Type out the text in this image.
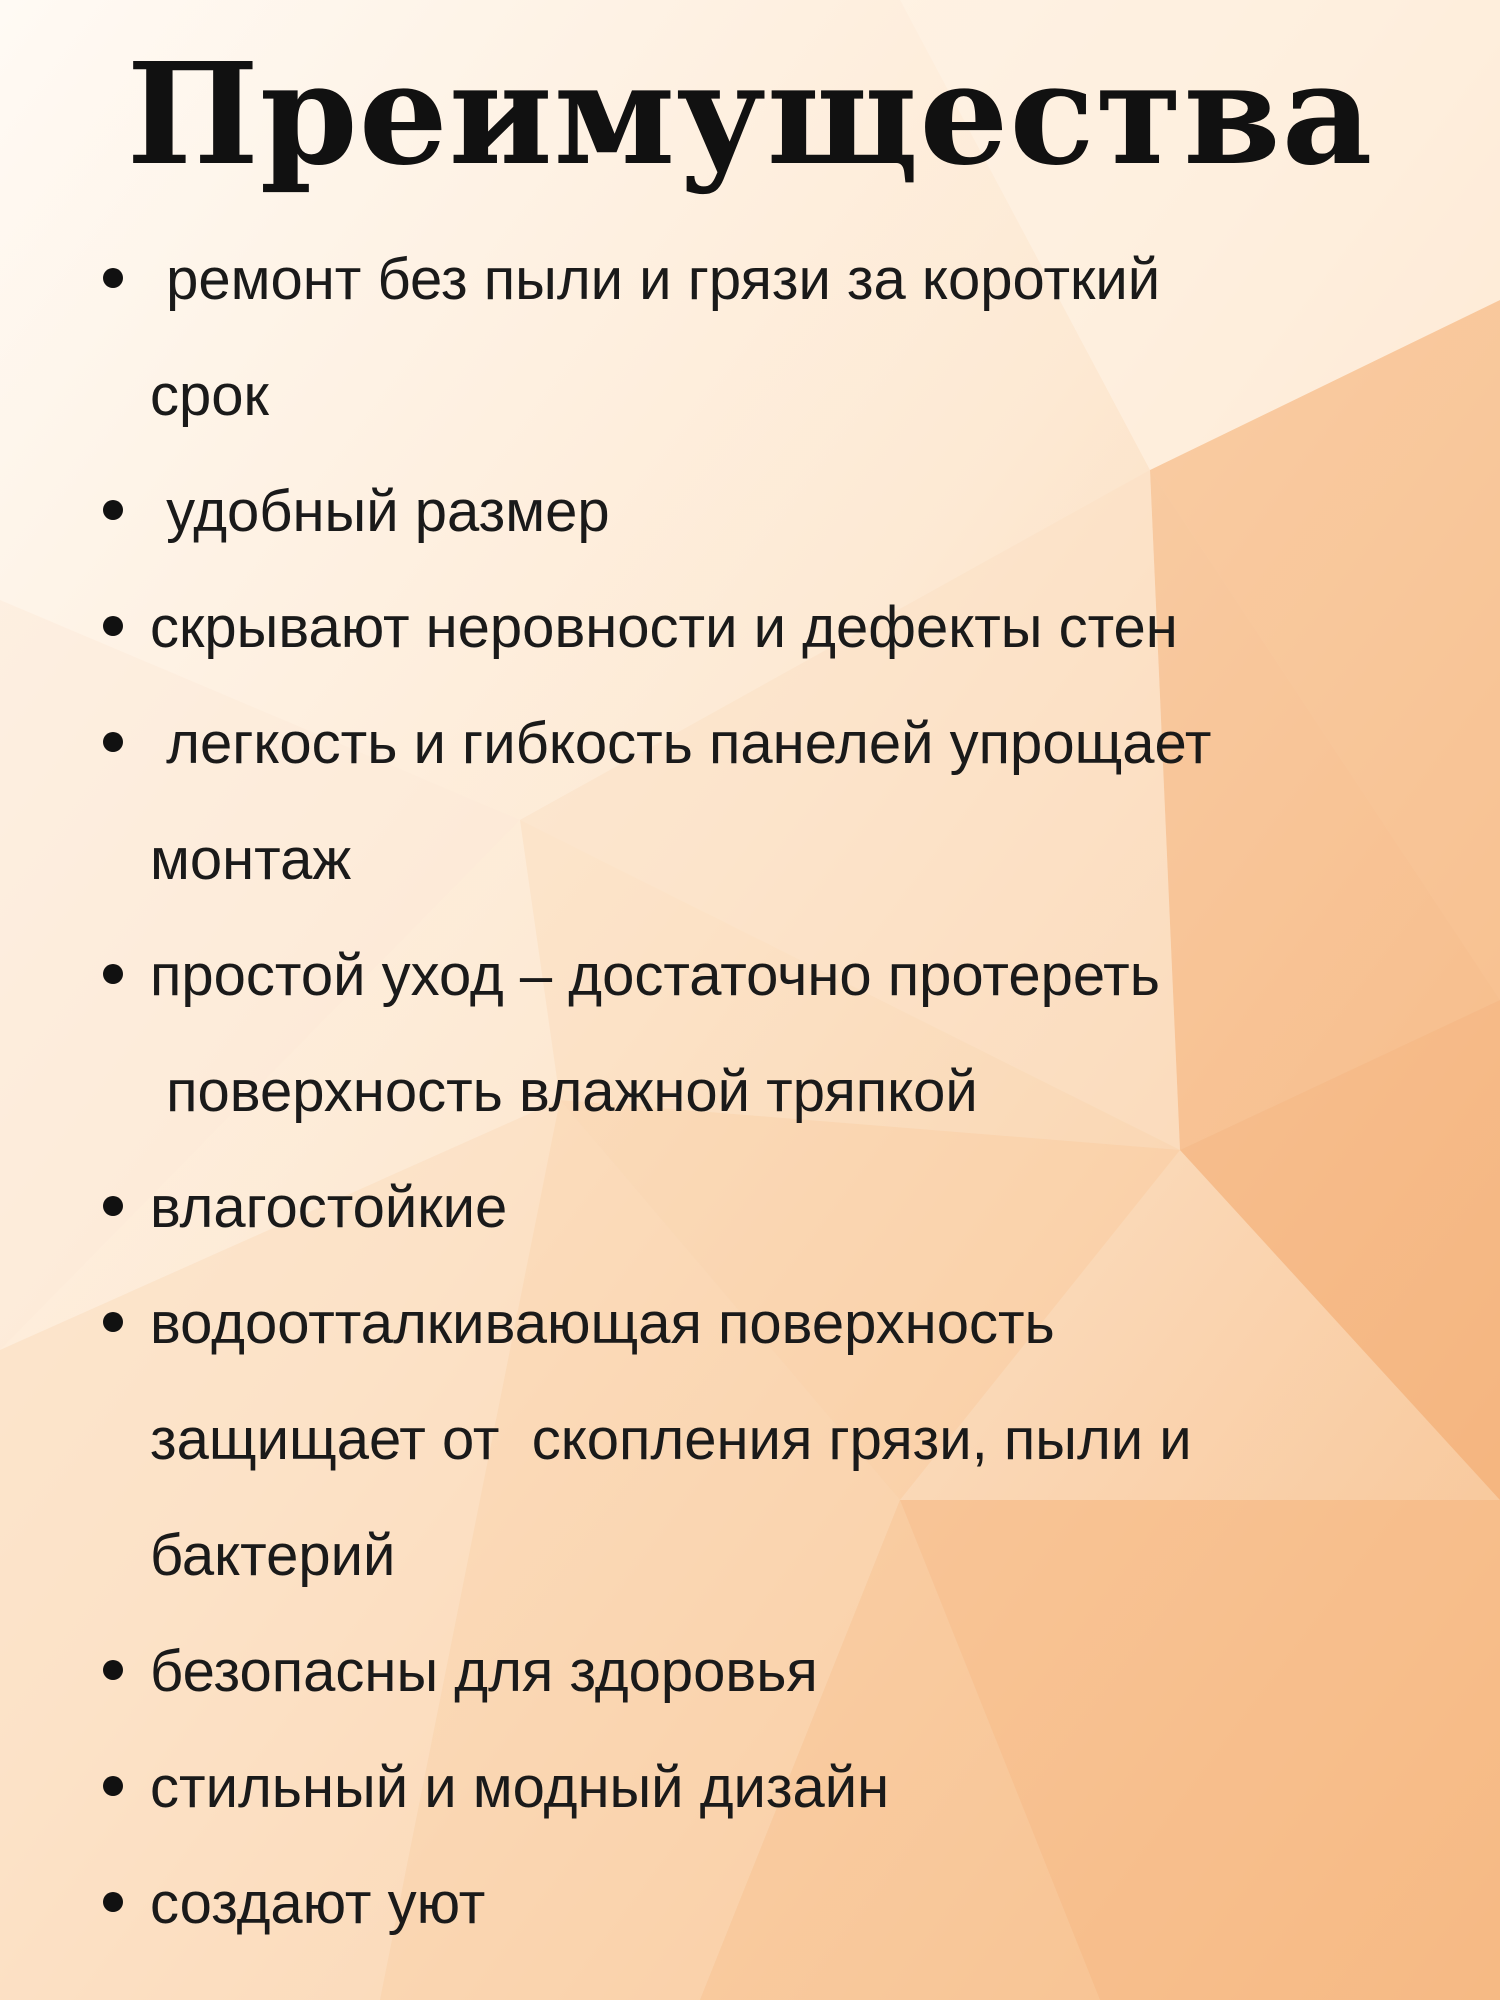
Преимущества
ремонт без пыли и грязи за короткий
срок
удобный размер
скрывают неровности и дефекты стен
легкость и гибкость панелей упрощает
монтаж
простой уход – достаточно протереть
поверхность влажной тряпкой
влагостойкие
водоотталкивающая поверхность
защищает от  скопления грязи, пыли и
бактерий
безопасны для здоровья
стильный и модный дизайн
создают уют
